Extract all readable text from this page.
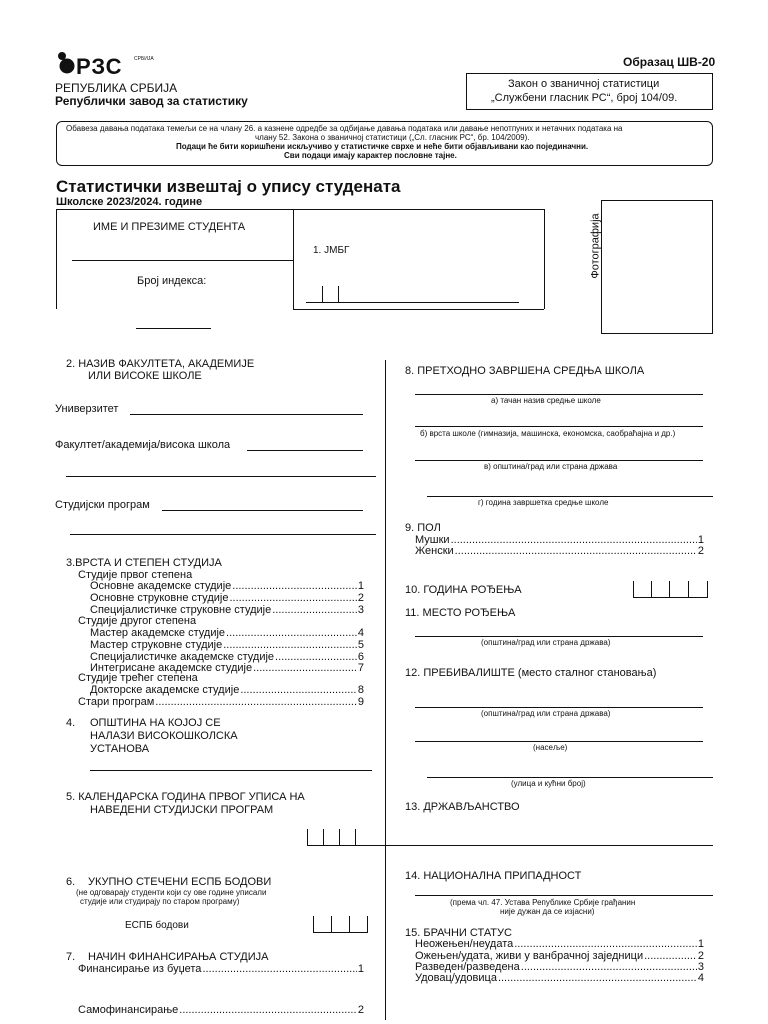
РЗС СРБИЈА	Образац ШВ-20
РЕПУБЛИКА СРБИЈА
Републички завод за статистику
Закон о званичној статистици
„Службени гласник РС“, број 104/09.
Обавеза давања података темељи се на члану 26. а казнене одредбе за одбијање давања података или давање непотпуних и нетачних података на
члану 52. Закона о званичној статистици („Сл. гласник РС“, бр. 104/2009).
Подаци ће бити коришћени искључиво у статистичке сврхе и неће бити објављивани као појединачни.
Сви подаци имају карактер пословне тајне.
Статистички извештај о упису студената
Школске 2023/2024. године
ИМЕ И ПРЕЗИМЕ СТУДЕНТА
Број индекса:
1. ЈМБГ	Фотографија
2. НАЗИВ ФАКУЛТЕТА, АКАДЕМИЈЕ
ИЛИ ВИСОКЕ ШКОЛЕ
Универзитет
Факултет/академија/висока школа
Студијски програм
3.ВРСТА И СТЕПЕН СТУДИЈА
Студије првог степена
Основне академске студије .....	1
Основне струковне студије .....	2
Специјалистичке струковне студије .....	3
Студије другог степена
Мастер академске студије .....	4
Мастер струковне студије .....	5
Специјалистичке академске студије .....	6
Интегрисане академске студије .....	7
Студије трећег степена
Докторске академске студије .....	8
Стари програм .....	9
4. ОПШТИНА НА КОЈОЈ СЕ
НАЛАЗИ ВИСОКОШКОЛСКА
УСТАНОВА
5. КАЛЕНДАРСКА ГОДИНА ПРВОГ УПИСА НА
НАВЕДЕНИ СТУДИЈСКИ ПРОГРАМ
6. УКУПНО СТЕЧЕНИ ЕСПБ БОДОВИ
(не одговарају студенти који су ове године уписали
студије или студирају по старом програму)
ЕСПБ бодови
7. НАЧИН ФИНАНСИРАЊА СТУДИЈА
Финансирање из буџета .....	1
Самофинансирање .....	2
8. ПРЕТХОДНО ЗАВРШЕНА СРЕДЊА ШКОЛА
а) тачан назив средње школе
б) врста школе (гимназија, машинска, економска, саобраћајна и др.)
в) општина/град или страна држава
г) година завршетка средње школе
9. ПОЛ
Мушки .....	1
Женски .....	2
10. ГОДИНА РОЂЕЊА
11. МЕСТО РОЂЕЊА
(општина/град или страна држава)
12. ПРЕБИВАЛИШТЕ (место сталног становања)
(општина/град или страна држава)
(насеље)
(улица и кућни број)
13. ДРЖАВЉАНСТВО
14. НАЦИОНАЛНА ПРИПАДНОСТ
(према чл. 47. Устава Републике Србије грађанин
није дужан да се изјасни)
15. БРАЧНИ СТАТУС
Неожењен/неудата .....	1
Ожењен/удата, живи у ванбрачној заједници .....	2
Разведен/разведена .....	3
Удовац/удовица .....	4
